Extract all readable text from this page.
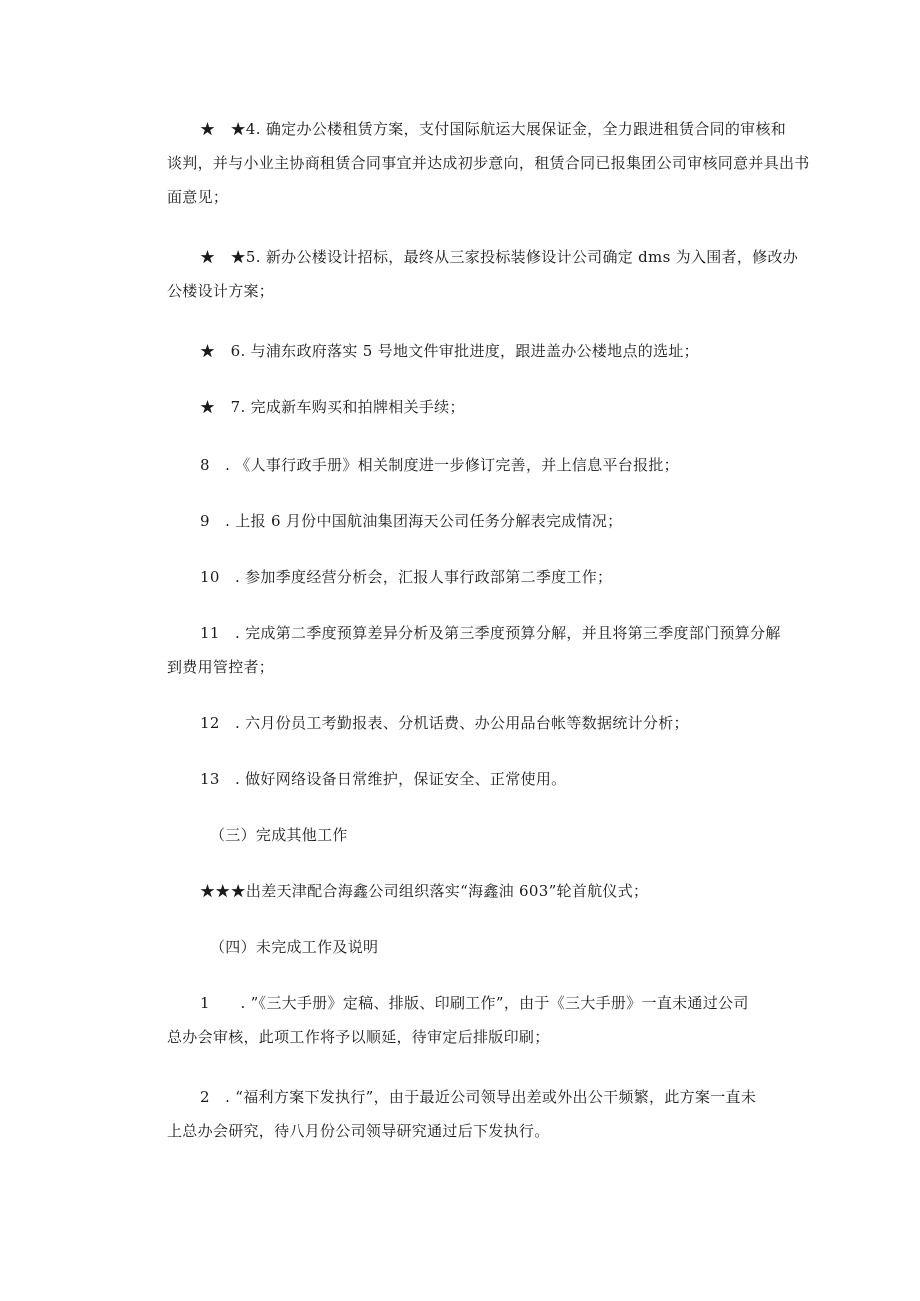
★　★4. 确定办公楼租赁方案，支付国际航运大展保证金，全力跟进租赁合同的审核和
谈判，并与小业主协商租赁合同事宜并达成初步意向，租赁合同已报集团公司审核同意并具出书
面意见；
★　★5. 新办公楼设计招标，最终从三家投标装修设计公司确定 dms 为入围者，修改办
公楼设计方案；
★　6. 与浦东政府落实 5 号地文件审批进度，跟进盖办公楼地点的选址；
★　7. 完成新车购买和拍牌相关手续；
8　. 《人事行政手册》相关制度进一步修订完善，并上信息平台报批；
9　. 上报 6 月份中国航油集团海天公司任务分解表完成情况；
10　. 参加季度经营分析会，汇报人事行政部第二季度工作；
11　. 完成第二季度预算差异分析及第三季度预算分解，并且将第三季度部门预算分解
到费用管控者；
12　. 六月份员工考勤报表、分机话费、办公用品台帐等数据统计分析；
13　. 做好网络设备日常维护，保证安全、正常使用。
（三）完成其他工作
★★★出差天津配合海鑫公司组织落实“海鑫油 603”轮首航仪式；
（四）未完成工作及说明
1　　. ”《三大手册》定稿、排版、印刷工作”，由于《三大手册》一直未通过公司
总办会审核，此项工作将予以顺延，待审定后排版印刷；
2　. “福利方案下发执行”，由于最近公司领导出差或外出公干频繁，此方案一直未
上总办会研究，待八月份公司领导研究通过后下发执行。
